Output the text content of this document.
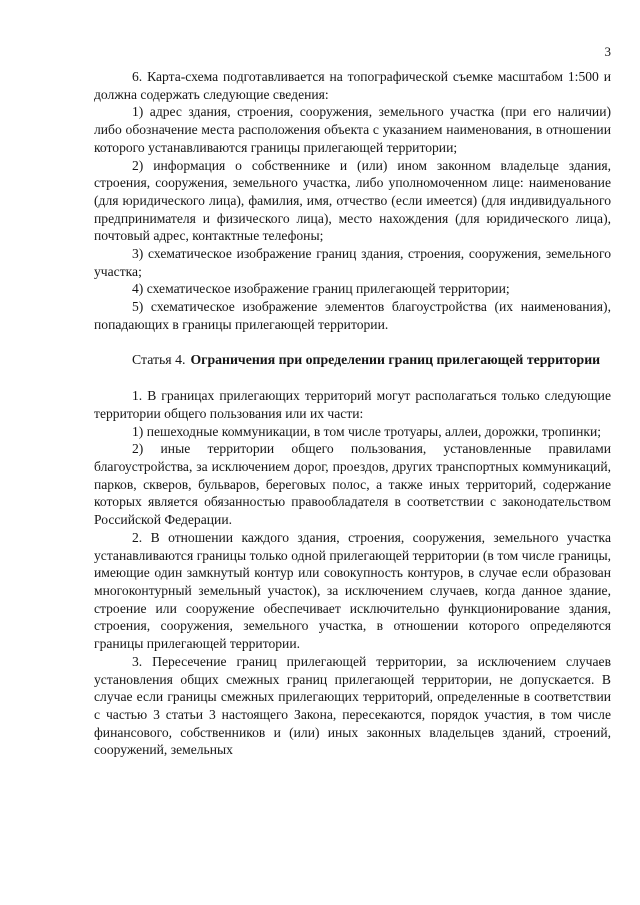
3

6. Карта-схема подготавливается на топографической съемке масштабом 1:500 и должна содержать следующие сведения:

1) адрес здания, строения, сооружения, земельного участка (при его наличии) либо обозначение места расположения объекта с указанием наименования, в отношении которого устанавливаются границы прилегающей территории;

2) информация о собственнике и (или) ином законном владельце здания, строения, сооружения, земельного участка, либо уполномоченном лице: наименование (для юридического лица), фамилия, имя, отчество (если имеется) (для индивидуального предпринимателя и физического лица), место нахождения (для юридического лица), почтовый адрес, контактные телефоны;

3) схематическое изображение границ здания, строения, сооружения, земельного участка;

4) схематическое изображение границ прилегающей территории;

5) схематическое изображение элементов благоустройства (их наименования), попадающих в границы прилегающей территории.

Статья 4. Ограничения при определении границ прилегающей территории

1. В границах прилегающих территорий могут располагаться только следующие территории общего пользования или их части:

1) пешеходные коммуникации, в том числе тротуары, аллеи, дорожки, тропинки;

2) иные территории общего пользования, установленные правилами благоустройства, за исключением дорог, проездов, других транспортных коммуникаций, парков, скверов, бульваров, береговых полос, а также иных территорий, содержание которых является обязанностью правообладателя в соответствии с законодательством Российской Федерации.

2. В отношении каждого здания, строения, сооружения, земельного участка устанавливаются границы только одной прилегающей территории (в том числе границы, имеющие один замкнутый контур или совокупность контуров, в случае если образован многоконтурный земельный участок), за исключением случаев, когда данное здание, строение или сооружение обеспечивает исключительно функционирование здания, строения, сооружения, земельного участка, в отношении которого определяются границы прилегающей территории.

3. Пересечение границ прилегающей территории, за исключением случаев установления общих смежных границ прилегающей территории, не допускается. В случае если границы смежных прилегающих территорий, определенные в соответствии с частью 3 статьи 3 настоящего Закона, пересекаются, порядок участия, в том числе финансового, собственников и (или) иных законных владельцев зданий, строений, сооружений, земельных
